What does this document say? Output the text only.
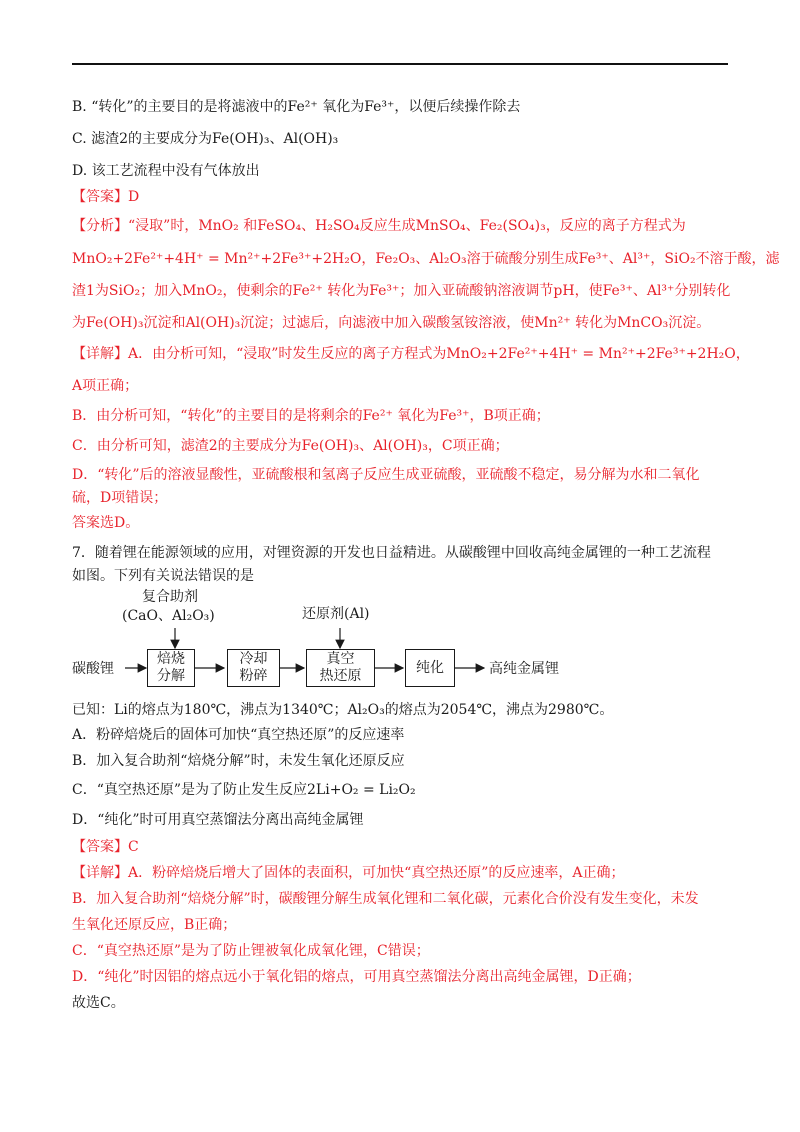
B. “转化”的主要目的是将滤液中的Fe²⁺ 氧化为Fe³⁺，以便后续操作除去
C. 滤渣2的主要成分为Fe(OH)₃、Al(OH)₃
D. 该工艺流程中没有气体放出
【答案】D
【分析】“浸取”时，MnO₂ 和FeSO₄、H₂SO₄反应生成MnSO₄、Fe₂(SO₄)₃，反应的离子方程式为
MnO₂+2Fe²⁺+4H⁺ = Mn²⁺+2Fe³⁺+2H₂O，Fe₂O₃、Al₂O₃溶于硫酸分别生成Fe³⁺、Al³⁺，SiO₂不溶于酸，滤
渣1为SiO₂；加入MnO₂，使剩余的Fe²⁺ 转化为Fe³⁺；加入亚硫酸钠溶液调节pH，使Fe³⁺、Al³⁺分别转化
为Fe(OH)₃沉淀和Al(OH)₃沉淀；过滤后，向滤液中加入碳酸氢铵溶液，使Mn²⁺ 转化为MnCO₃沉淀。
【详解】A．由分析可知，“浸取”时发生反应的离子方程式为MnO₂+2Fe²⁺+4H⁺ = Mn²⁺+2Fe³⁺+2H₂O，
A项正确；
B．由分析可知，“转化”的主要目的是将剩余的Fe²⁺ 氧化为Fe³⁺，B项正确；
C．由分析可知，滤渣2的主要成分为Fe(OH)₃、Al(OH)₃，C项正确；
D．“转化”后的溶液显酸性，亚硫酸根和氢离子反应生成亚硫酸，亚硫酸不稳定，易分解为水和二氧化
硫，D项错误；
答案选D。
7．随着锂在能源领域的应用，对锂资源的开发也日益精进。从碳酸锂中回收高纯金属锂的一种工艺流程
如图。下列有关说法错误的是
复合助剂
(CaO、Al₂O₃)	还原剂(Al)
碳酸锂
焙烧
分解
冷却
粉碎
真空
热还原
纯化	高纯金属锂
已知：Li的熔点为180℃，沸点为1340℃；Al₂O₃的熔点为2054℃，沸点为2980℃。
A．粉碎焙烧后的固体可加快“真空热还原”的反应速率
B．加入复合助剂“焙烧分解”时，未发生氧化还原反应
C．“真空热还原”是为了防止发生反应2Li+O₂ = Li₂O₂
D．“纯化”时可用真空蒸馏法分离出高纯金属锂
【答案】C
【详解】A．粉碎焙烧后增大了固体的表面积，可加快“真空热还原”的反应速率，A正确；
B．加入复合助剂“焙烧分解”时，碳酸锂分解生成氧化锂和二氧化碳，元素化合价没有发生变化，未发
生氧化还原反应，B正确；
C．“真空热还原”是为了防止锂被氧化成氧化锂，C错误；
D．“纯化”时因铝的熔点远小于氧化铝的熔点，可用真空蒸馏法分离出高纯金属锂，D正确；
故选C。
